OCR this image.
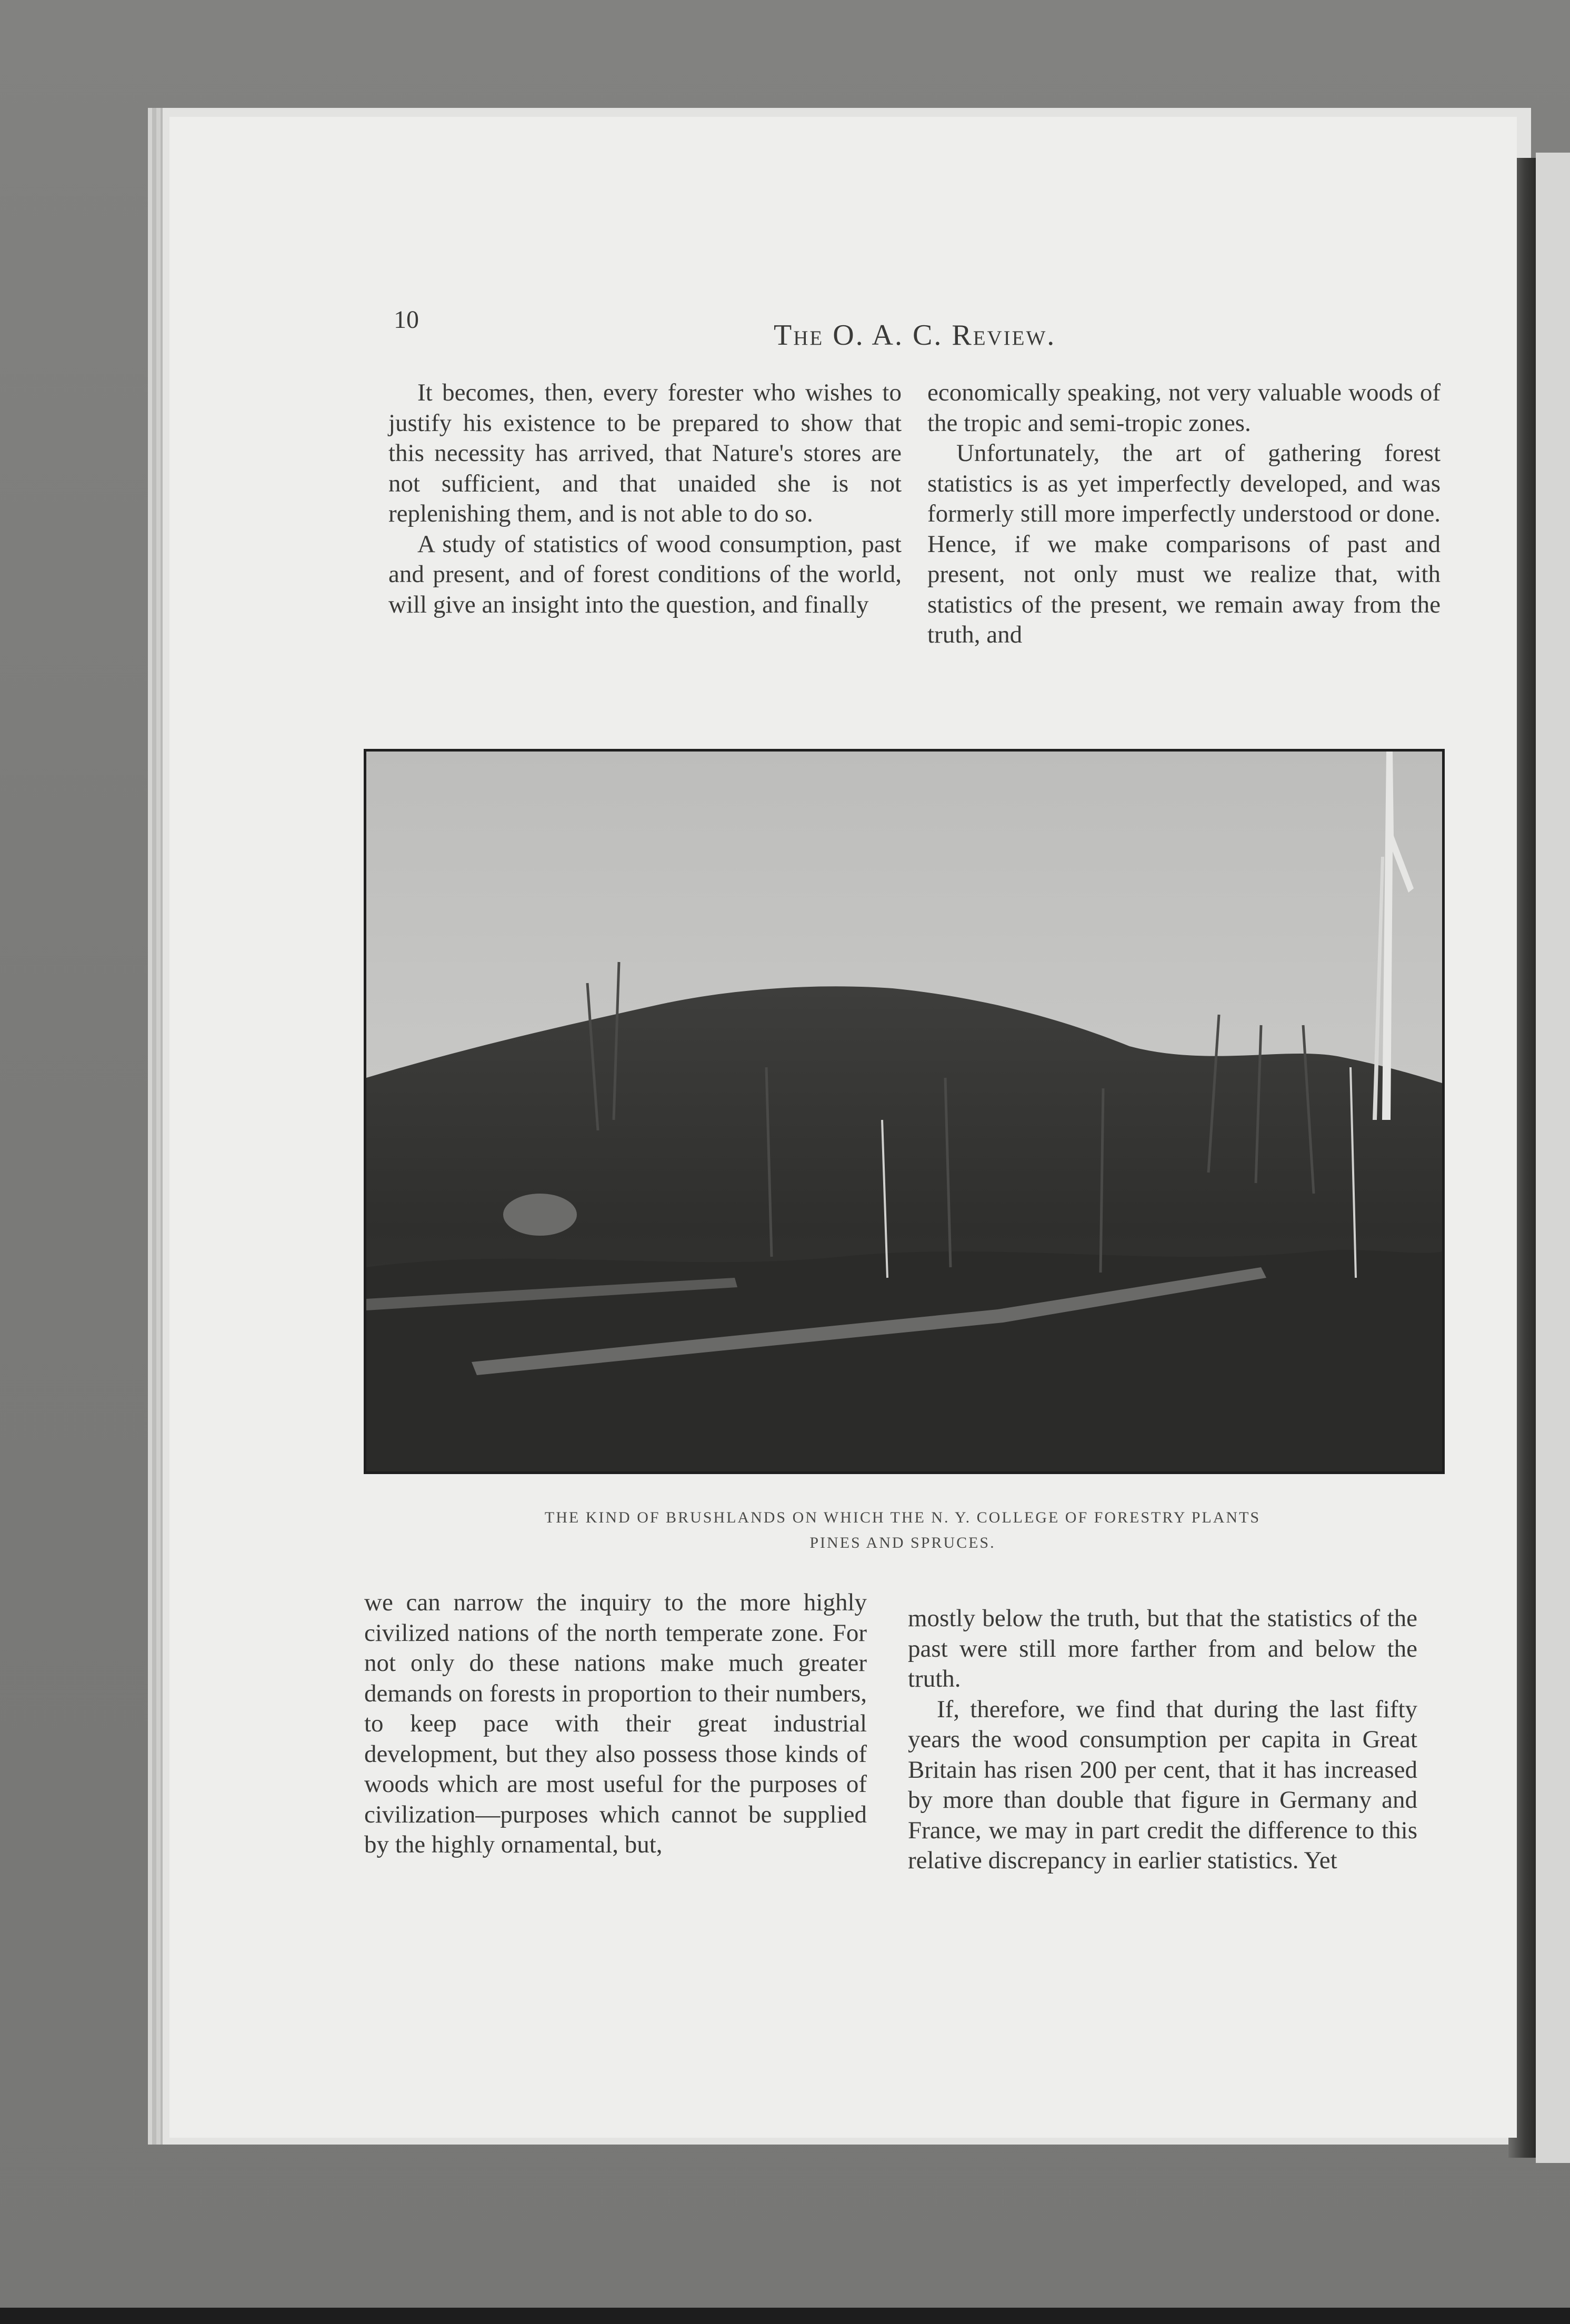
10	The O. A. C. Review.

It becomes, then, every forester who wishes to justify his existence to be prepared to show that this necessity has arrived, that Nature's stores are not sufficient, and that unaided she is not replenishing them, and is not able to do so.

A study of statistics of wood consumption, past and present, and of forest conditions of the world, will give an insight into the question, and finally

economically speaking, not very valuable woods of the tropic and semi-tropic zones.

Unfortunately, the art of gathering forest statistics is as yet imperfectly developed, and was formerly still more imperfectly understood or done. Hence, if we make comparisons of past and present, not only must we realize that, with statistics of the present, we remain away from the truth, and

THE KIND OF BRUSHLANDS ON WHICH THE N. Y. COLLEGE OF FORESTRY PLANTS
PINES AND SPRUCES.

we can narrow the inquiry to the more highly civilized nations of the north temperate zone. For not only do these nations make much greater demands on forests in proportion to their numbers, to keep pace with their great industrial development, but they also possess those kinds of woods which are most useful for the purposes of civilization—purposes which cannot be supplied by the highly ornamental, but,

mostly below the truth, but that the statistics of the past were still more farther from and below the truth.

If, therefore, we find that during the last fifty years the wood consumption per capita in Great Britain has risen 200 per cent, that it has increased by more than double that figure in Germany and France, we may in part credit the difference to this relative discrepancy in earlier statistics. Yet
